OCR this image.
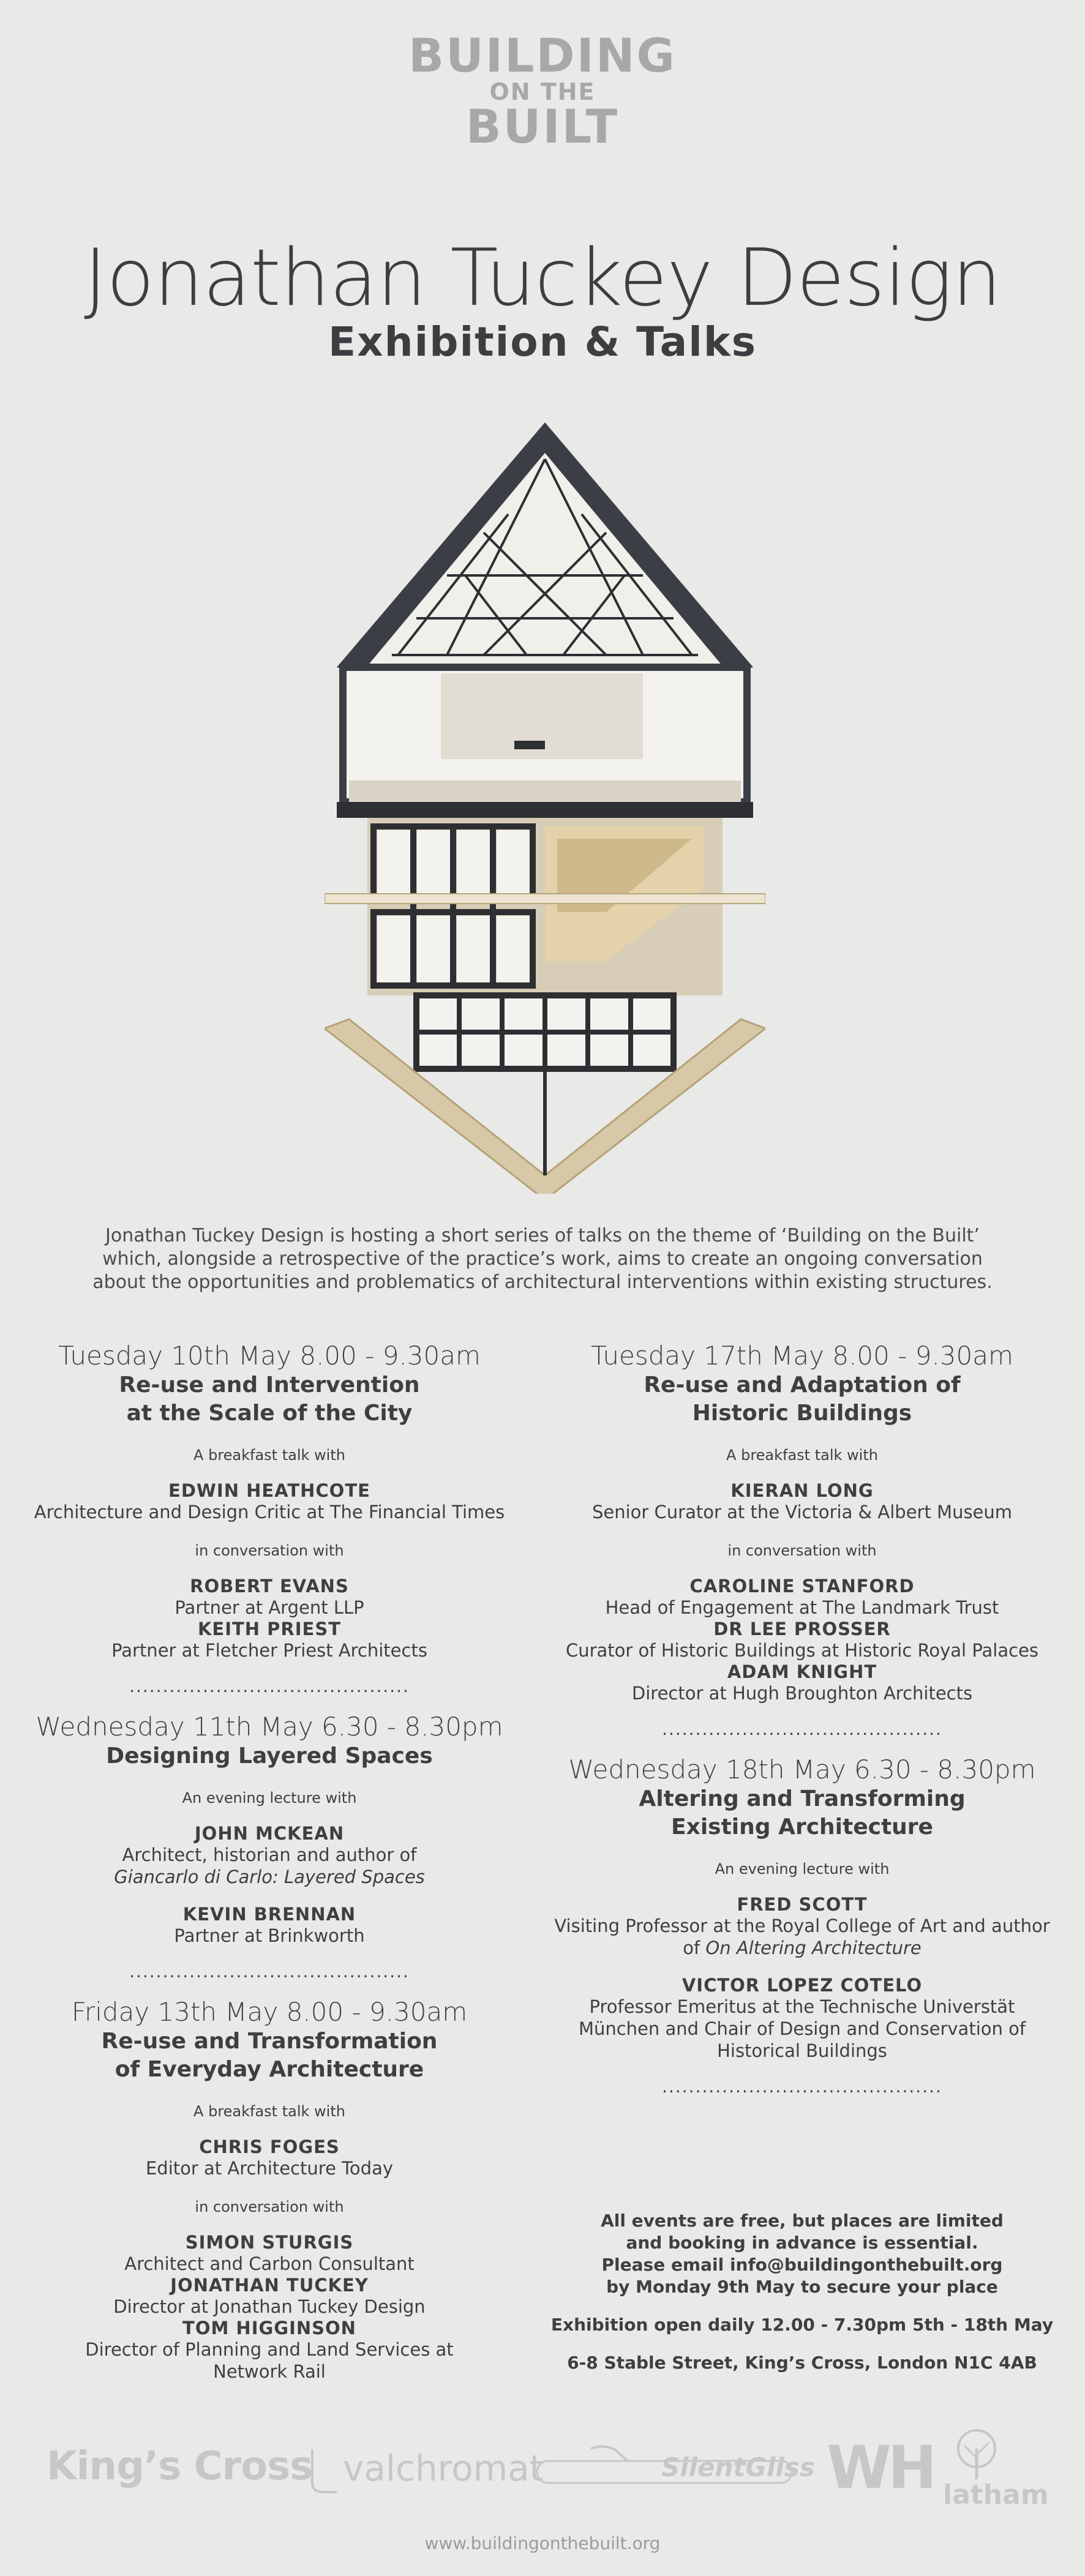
BUILDING
ON THE
BUILT
Jonathan Tuckey Design
Exhibition & Talks
Jonathan Tuckey Design is hosting a short series of talks on the theme of ‘Building on the Built’ which, alongside a retrospective of the practice’s work, aims to create an ongoing conversation about the opportunities and problematics of architectural interventions within existing structures.
Tuesday 10th May 8.00 - 9.30am
Re-use and Intervention
at the Scale of the City
A breakfast talk with
EDWIN HEATHCOTE
Architecture and Design Critic at The Financial Times
in conversation with
ROBERT EVANS
Partner at Argent LLP
KEITH PRIEST
Partner at Fletcher Priest Architects
..........................................
Wednesday 11th May 6.30 - 8.30pm
Designing Layered Spaces
An evening lecture with
JOHN MCKEAN
Architect, historian and author of
Giancarlo di Carlo: Layered Spaces
KEVIN BRENNAN
Partner at Brinkworth
..........................................
Friday 13th May 8.00 - 9.30am
Re-use and Transformation
of Everyday Architecture
A breakfast talk with
CHRIS FOGES
Editor at Architecture Today
in conversation with
SIMON STURGIS
Architect and Carbon Consultant
JONATHAN TUCKEY
Director at Jonathan Tuckey Design
TOM HIGGINSON
Director of Planning and Land Services at
Network Rail
Tuesday 17th May 8.00 - 9.30am
Re-use and Adaptation of
Historic Buildings
A breakfast talk with
KIERAN LONG
Senior Curator at the Victoria & Albert Museum
in conversation with
CAROLINE STANFORD
Head of Engagement at The Landmark Trust
DR LEE PROSSER
Curator of Historic Buildings at Historic Royal Palaces
ADAM KNIGHT
Director at Hugh Broughton Architects
..........................................
Wednesday 18th May 6.30 - 8.30pm
Altering and Transforming
Existing Architecture
An evening lecture with
FRED SCOTT
Visiting Professor at the Royal College of Art and author
of On Altering Architecture
VICTOR LOPEZ COTELO
Professor Emeritus at the Technische Universtät
München and Chair of Design and Conservation of
Historical Buildings
..........................................
All events are free, but places are limited
and booking in advance is essential.
Please email info@buildingonthebuilt.org
by Monday 9th May to secure your place
Exhibition open daily 12.00 - 7.30pm 5th - 18th May
6-8 Stable Street, King’s Cross, London N1C 4AB
King’s Cross valchromat	SilentGliss WH latham
www.buildingonthebuilt.org
